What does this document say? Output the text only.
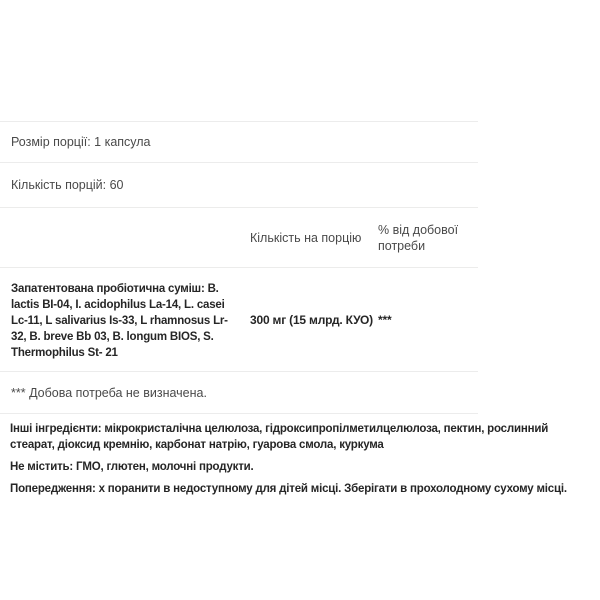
Розмір порції: 1 капсула
Кількість порцій: 60
Кількість на порцію
% від добової потреби
Запатентована пробіотична суміш: B. lactis BI-04, I. acidophilus La-14, L. casei Lc-11, L salivarius Is-33, L rhamnosus Lr-32, B. breve Bb 03, B. longum BIOS, S. Thermophilus St- 21
300 мг (15 млрд. КУО) ***
*** Добова потреба не визначена.

Інші інгредієнти: мікрокристалічна целюлоза, гідроксипропілметилцелюлоза, пектин, рослинний стеарат, діоксид кремнію, карбонат натрію, гуарова смола, куркума

Не містить: ГМО, глютен, молочні продукти.

Попередження: х поранити в недоступному для дітей місці. Зберігати в прохолодному сухому місці.
